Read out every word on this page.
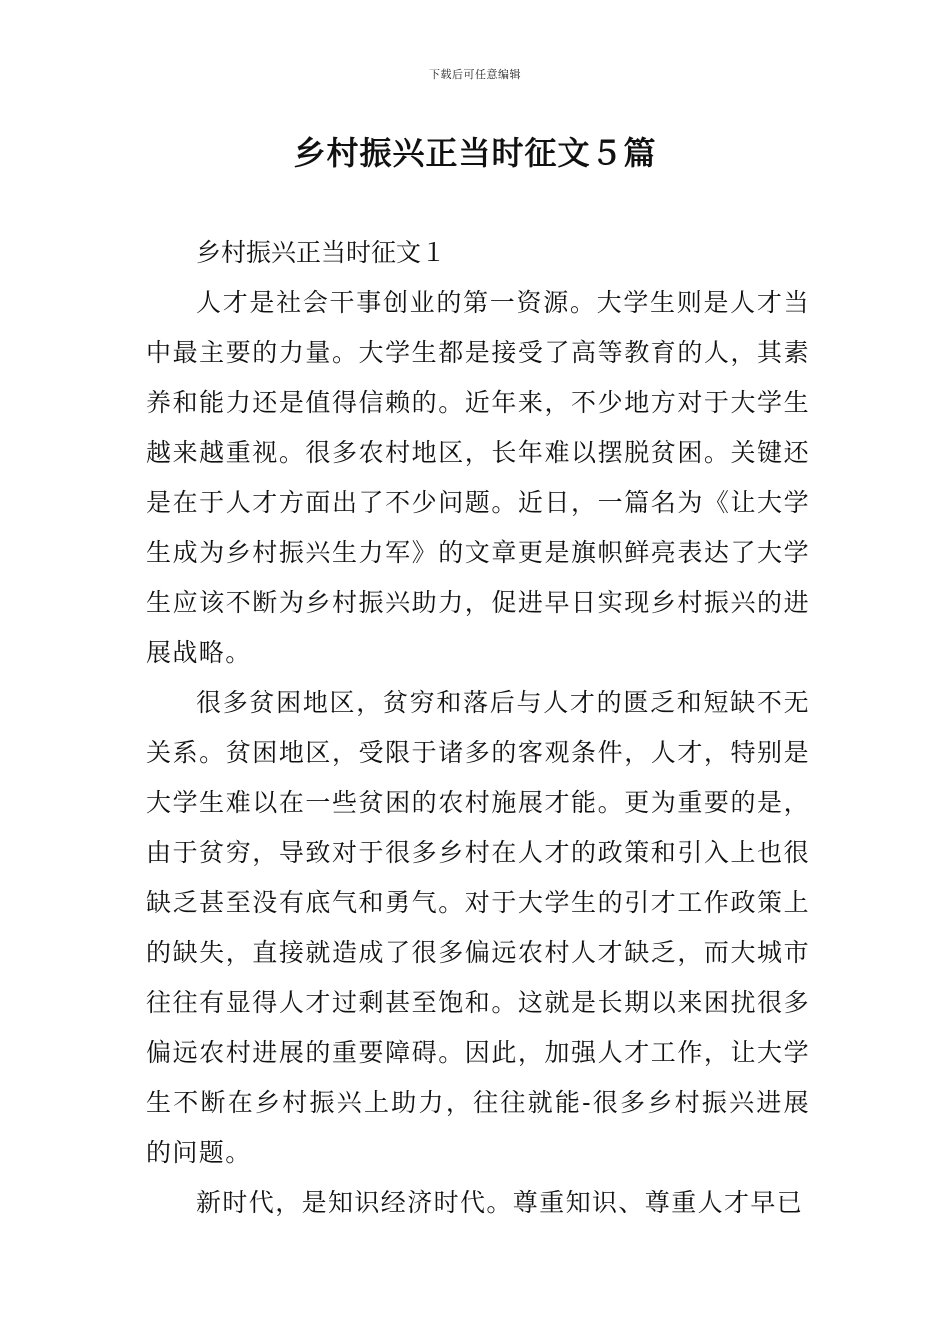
下载后可任意编辑
乡村振兴正当时征文５篇

乡村振兴正当时征文１

人才是社会干事创业的第一资源。大学生则是人才当中最主要的力量。大学生都是接受了高等教育的人，其素养和能力还是值得信赖的。近年来，不少地方对于大学生越来越重视。很多农村地区，长年难以摆脱贫困。关键还是在于人才方面出了不少问题。近日，一篇名为《让大学生成为乡村振兴生力军》的文章更是旗帜鲜亮表达了大学生应该不断为乡村振兴助力，促进早日实现乡村振兴的进展战略。

很多贫困地区，贫穷和落后与人才的匮乏和短缺不无关系。贫困地区，受限于诸多的客观条件，人才，特别是大学生难以在一些贫困的农村施展才能。更为重要的是，由于贫穷，导致对于很多乡村在人才的政策和引入上也很缺乏甚至没有底气和勇气。对于大学生的引才工作政策上的缺失，直接就造成了很多偏远农村人才缺乏，而大城市往往有显得人才过剩甚至饱和。这就是长期以来困扰很多偏远农村进展的重要障碍。因此，加强人才工作，让大学生不断在乡村振兴上助力，往往就能-很多乡村振兴进展的问题。

新时代，是知识经济时代。尊重知识、尊重人才早已
